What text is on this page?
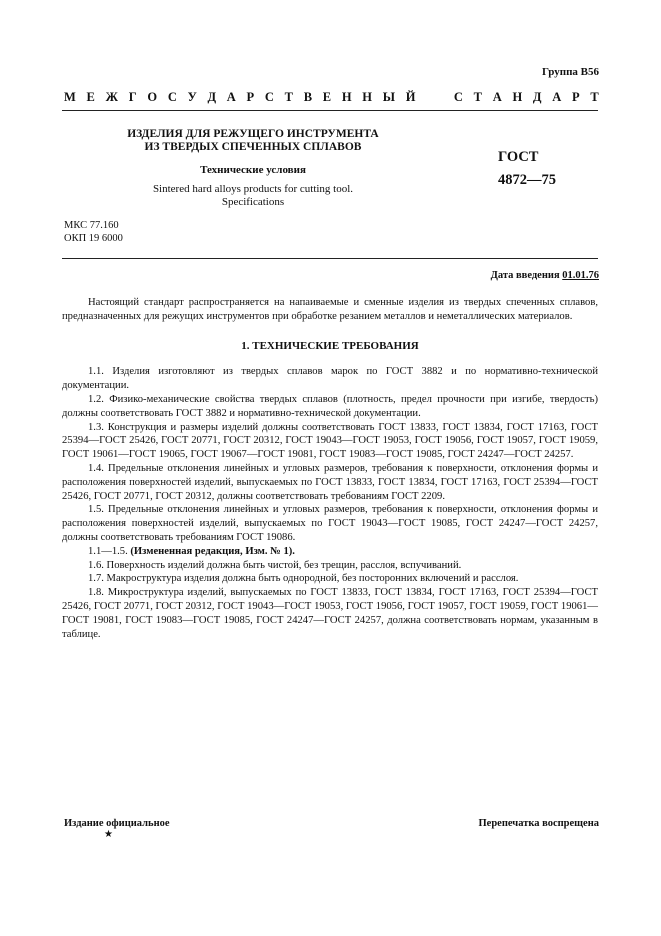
Группа В56
М Е Ж Г О С У Д А Р С Т В Е Н Н Ы Й

	С Т А Н Д А Р Т
ИЗДЕЛИЯ ДЛЯ РЕЖУЩЕГО ИНСТРУМЕНТА
ИЗ ТВЕРДЫХ СПЕЧЕННЫХ СПЛАВОВ
Технические условия
Sintered hard alloys products for cutting tool.
Specifications
ГОСТ
4872—75
МКС 77.160
ОКП 19 6000
Дата введения 01.01.76

Настоящий стандарт распространяется на напаиваемые и сменные изделия из твердых спеченных сплавов, предназначенных для режущих инструментов при обработке резанием металлов и неметаллических материалов.

1. ТЕХНИЧЕСКИЕ ТРЕБОВАНИЯ

1.1. Изделия изготовляют из твердых сплавов марок по ГОСТ 3882 и по нормативно-технической документации.

1.2. Физико-механические свойства твердых сплавов (плотность, предел прочности при изгибе, твердость) должны соответствовать ГОСТ 3882 и нормативно-технической документации.

1.3. Конструкция и размеры изделий должны соответствовать ГОСТ 13833, ГОСТ 13834, ГОСТ 17163, ГОСТ 25394—ГОСТ 25426, ГОСТ 20771, ГОСТ 20312, ГОСТ 19043—ГОСТ 19053, ГОСТ 19056, ГОСТ 19057, ГОСТ 19059, ГОСТ 19061—ГОСТ 19065, ГОСТ 19067—ГОСТ 19081, ГОСТ 19083—ГОСТ 19085, ГОСТ 24247—ГОСТ 24257.

1.4. Предельные отклонения линейных и угловых размеров, требования к поверхности, отклонения формы и расположения поверхностей изделий, выпускаемых по ГОСТ 13833, ГОСТ 13834, ГОСТ 17163, ГОСТ 25394—ГОСТ 25426, ГОСТ 20771, ГОСТ 20312, должны соответствовать требованиям ГОСТ 2209.

1.5. Предельные отклонения линейных и угловых размеров, требования к поверхности, отклонения формы и расположения поверхностей изделий, выпускаемых по ГОСТ 19043—ГОСТ 19085, ГОСТ 24247—ГОСТ 24257, должны соответствовать требованиям ГОСТ 19086.

1.1—1.5. (Измененная редакция, Изм. № 1).

1.6. Поверхность изделий должна быть чистой, без трещин, расслоя, вспучиваний.

1.7. Макроструктура изделия должна быть однородной, без посторонних включений и расслоя.

1.8. Микроструктура изделий, выпускаемых по ГОСТ 13833, ГОСТ 13834, ГОСТ 17163, ГОСТ 25394—ГОСТ 25426, ГОСТ 20771, ГОСТ 20312, ГОСТ 19043—ГОСТ 19053, ГОСТ 19056, ГОСТ 19057, ГОСТ 19059, ГОСТ 19061—ГОСТ 19081, ГОСТ 19083—ГОСТ 19085, ГОСТ 24247—ГОСТ 24257, должна соответствовать нормам, указанным в таблице.

Издание официальное	Перепечатка воспрещена
★
